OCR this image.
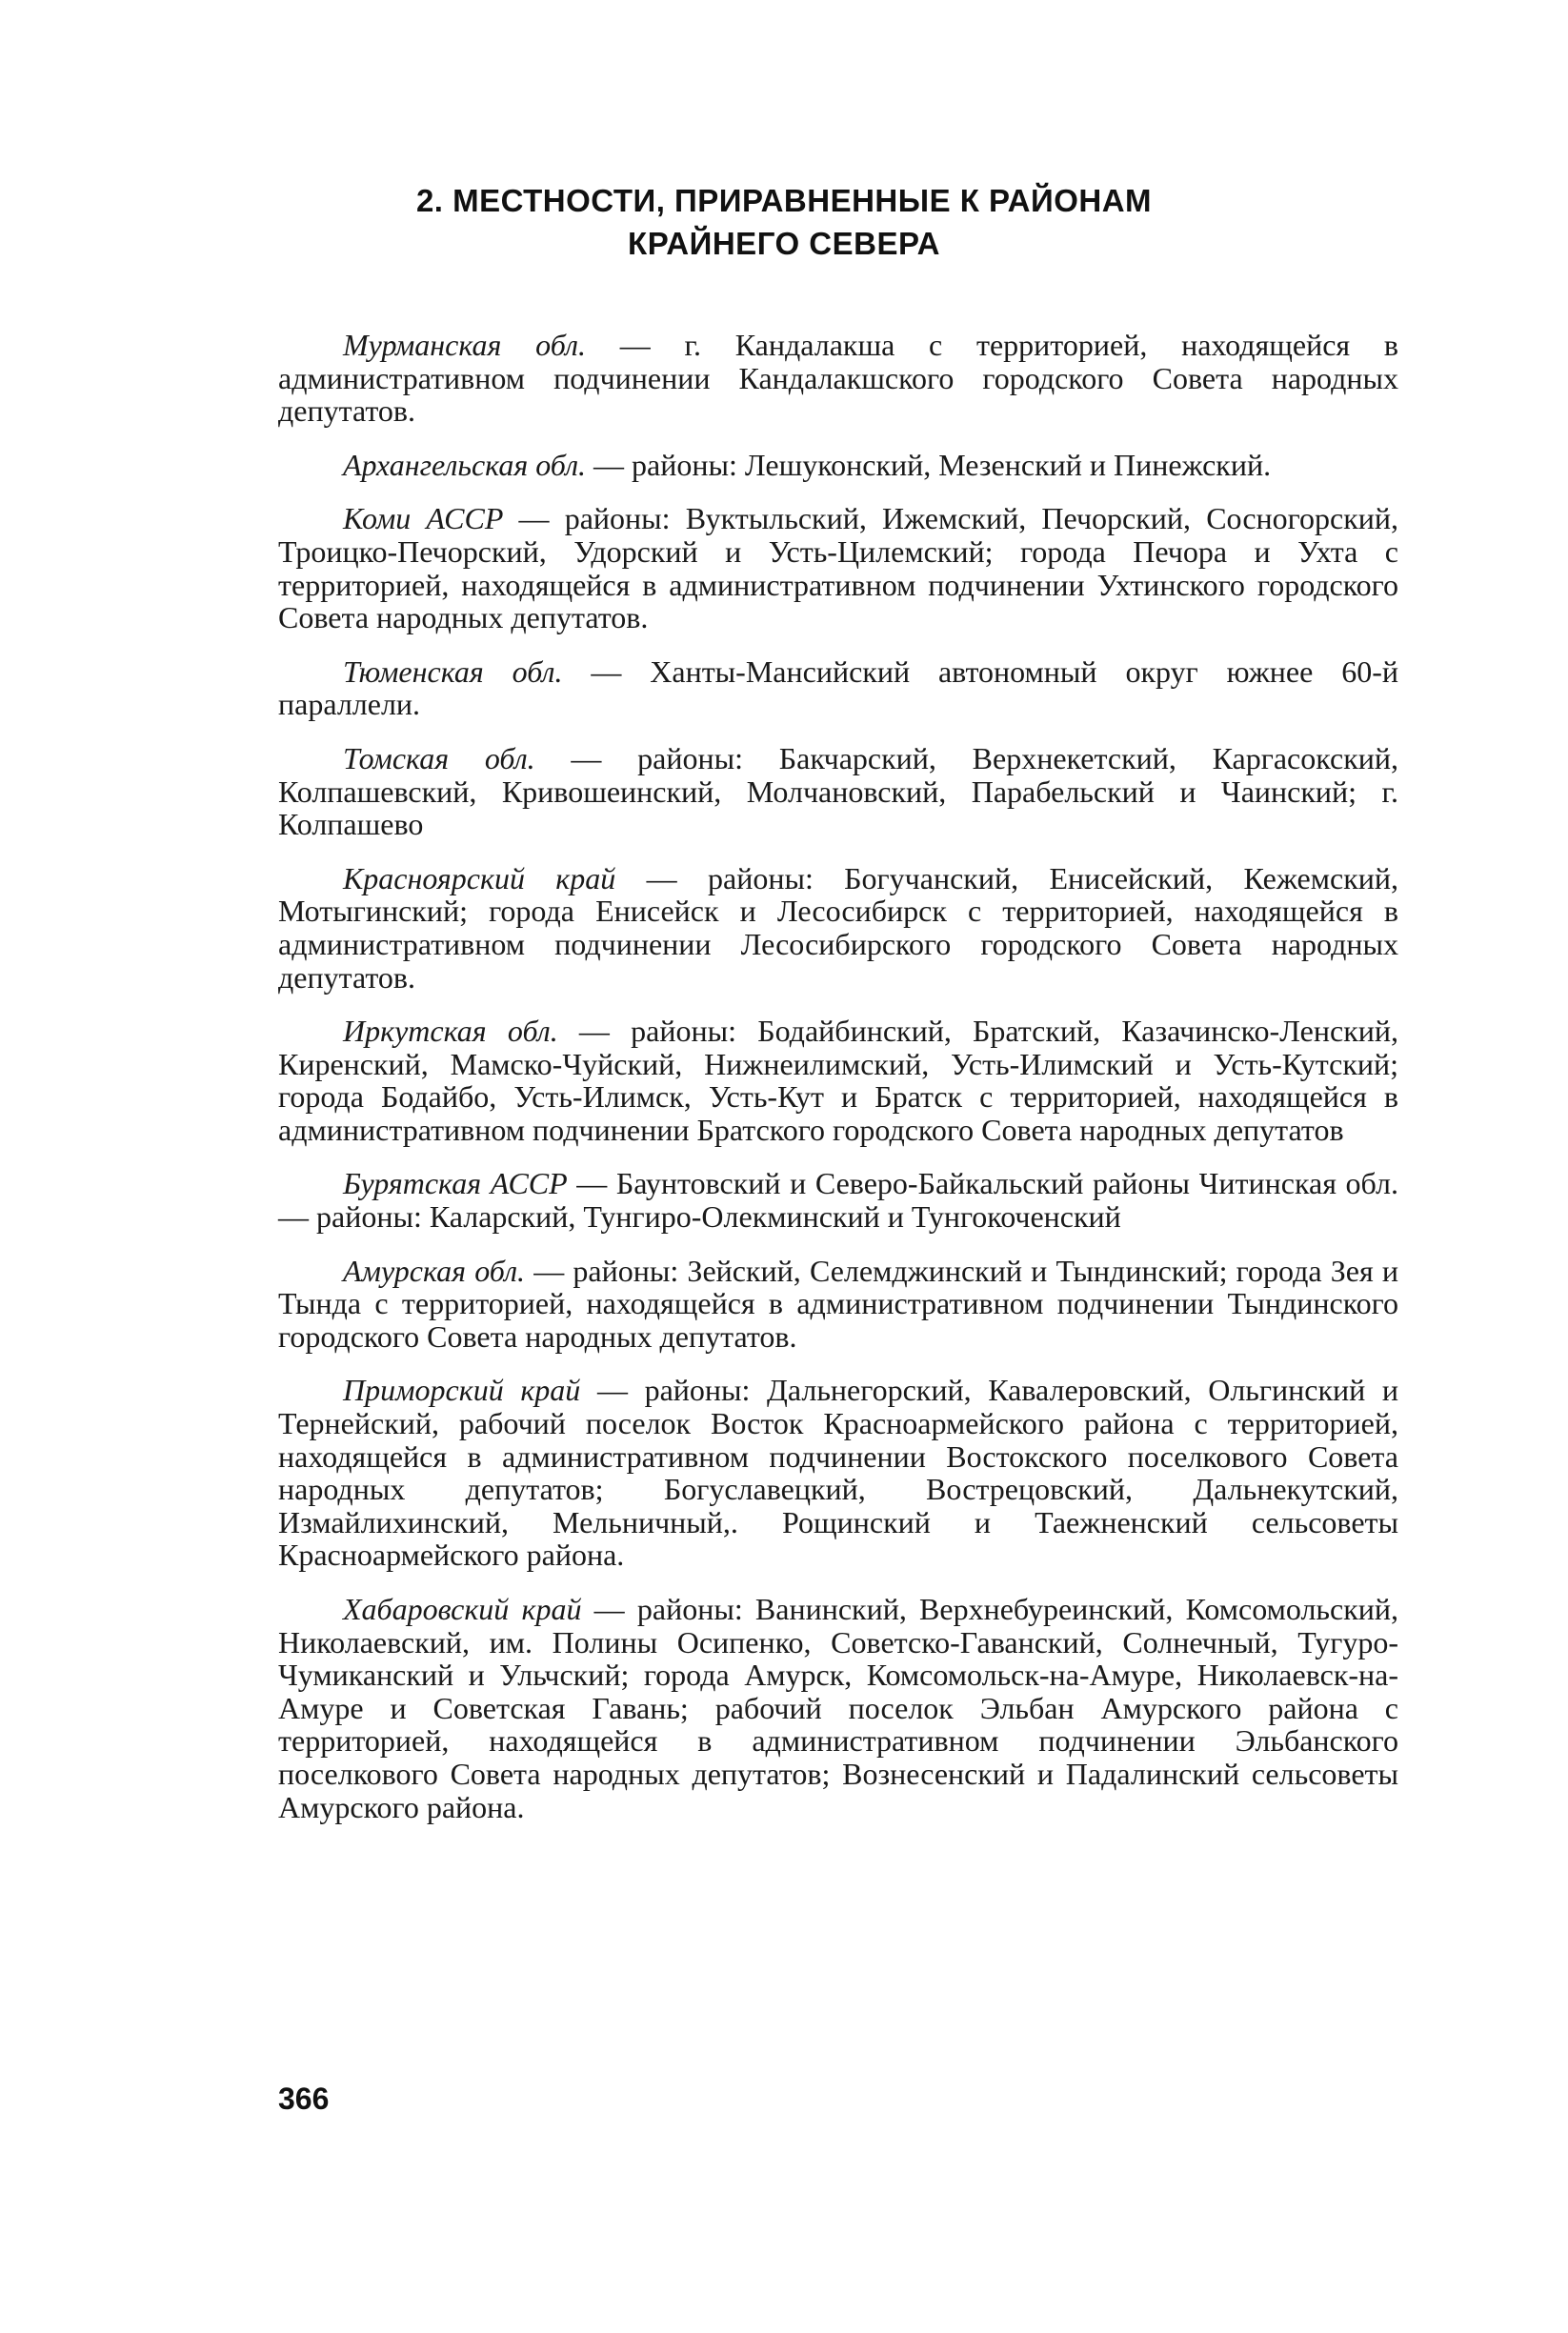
2. МЕСТНОСТИ, ПРИРАВНЕННЫЕ К РАЙОНАМ
КРАЙНЕГО СЕВЕРА

Мурманская обл. — г. Кандалакша с территорией, находящейся в административном подчинении Кандалакшского городского Совета народных депутатов.

Архангельская обл. — районы: Лешуконский, Мезенский и Пинежский.

Коми АССР — районы: Вуктыльский, Ижемский, Печорский, Сосногорский, Троицко-Печорский, Удорский и Усть-Цилемский; города Печора и Ухта с территорией, находящейся в административном подчинении Ухтинского городского Совета народных депутатов.

Тюменская обл. — Ханты-Мансийский автономный округ южнее 60-й параллели.

Томская обл. — районы: Бакчарский, Верхнекетский, Каргасокский, Колпашевский, Кривошеинский, Молчановский, Парабельский и Чаинский; г. Колпашево

Красноярский край — районы: Богучанский, Енисейский, Кежемский, Мотыгинский; города Енисейск и Лесосибирск с территорией, находящейся в административном подчинении Лесосибирского городского Совета народных депутатов.

Иркутская обл. — районы: Бодайбинский, Братский, Казачинско-Ленский, Киренский, Мамско-Чуйский, Нижнеилимский, Усть-Илимский и Усть-Кутский; города Бодайбо, Усть-Илимск, Усть-Кут и Братск с территорией, находящейся в административном подчинении Братского городского Совета народных депутатов

Бурятская АССР — Баунтовский и Северо-Байкальский районы Читинская обл. — районы: Каларский, Тунгиро-Олекминский и Тунгокоченский

Амурская обл. — районы: Зейский, Селемджинский и Тындинский; города Зея и Тында с территорией, находящейся в административном подчинении Тындинского городского Совета народных депутатов.

Приморский край — районы: Дальнегорский, Кавалеровский, Ольгинский и Тернейский, рабочий поселок Восток Красноармейского района с территорией, находящейся в административном подчинении Востокского поселкового Совета народных депутатов; Богуславецкий, Вострецовский, Дальнекутский, Измайлихинский, Мельничный,. Рощинский и Таежненский сельсоветы Красноармейского района.

Хабаровский край — районы: Ванинский, Верхнебуреинский, Комсомольский, Николаевский, им. Полины Осипенко, Советско-Гаванский, Солнечный, Тугуро-Чумиканский и Ульчский; города Амурск, Комсомольск-на-Амуре, Николаевск-на-Амуре и Советская Гавань; рабочий поселок Эльбан Амурского района с территорией, находящейся в административном подчинении Эльбанского поселкового Совета народных депутатов; Вознесенский и Падалинский сельсоветы Амурского района.

366
